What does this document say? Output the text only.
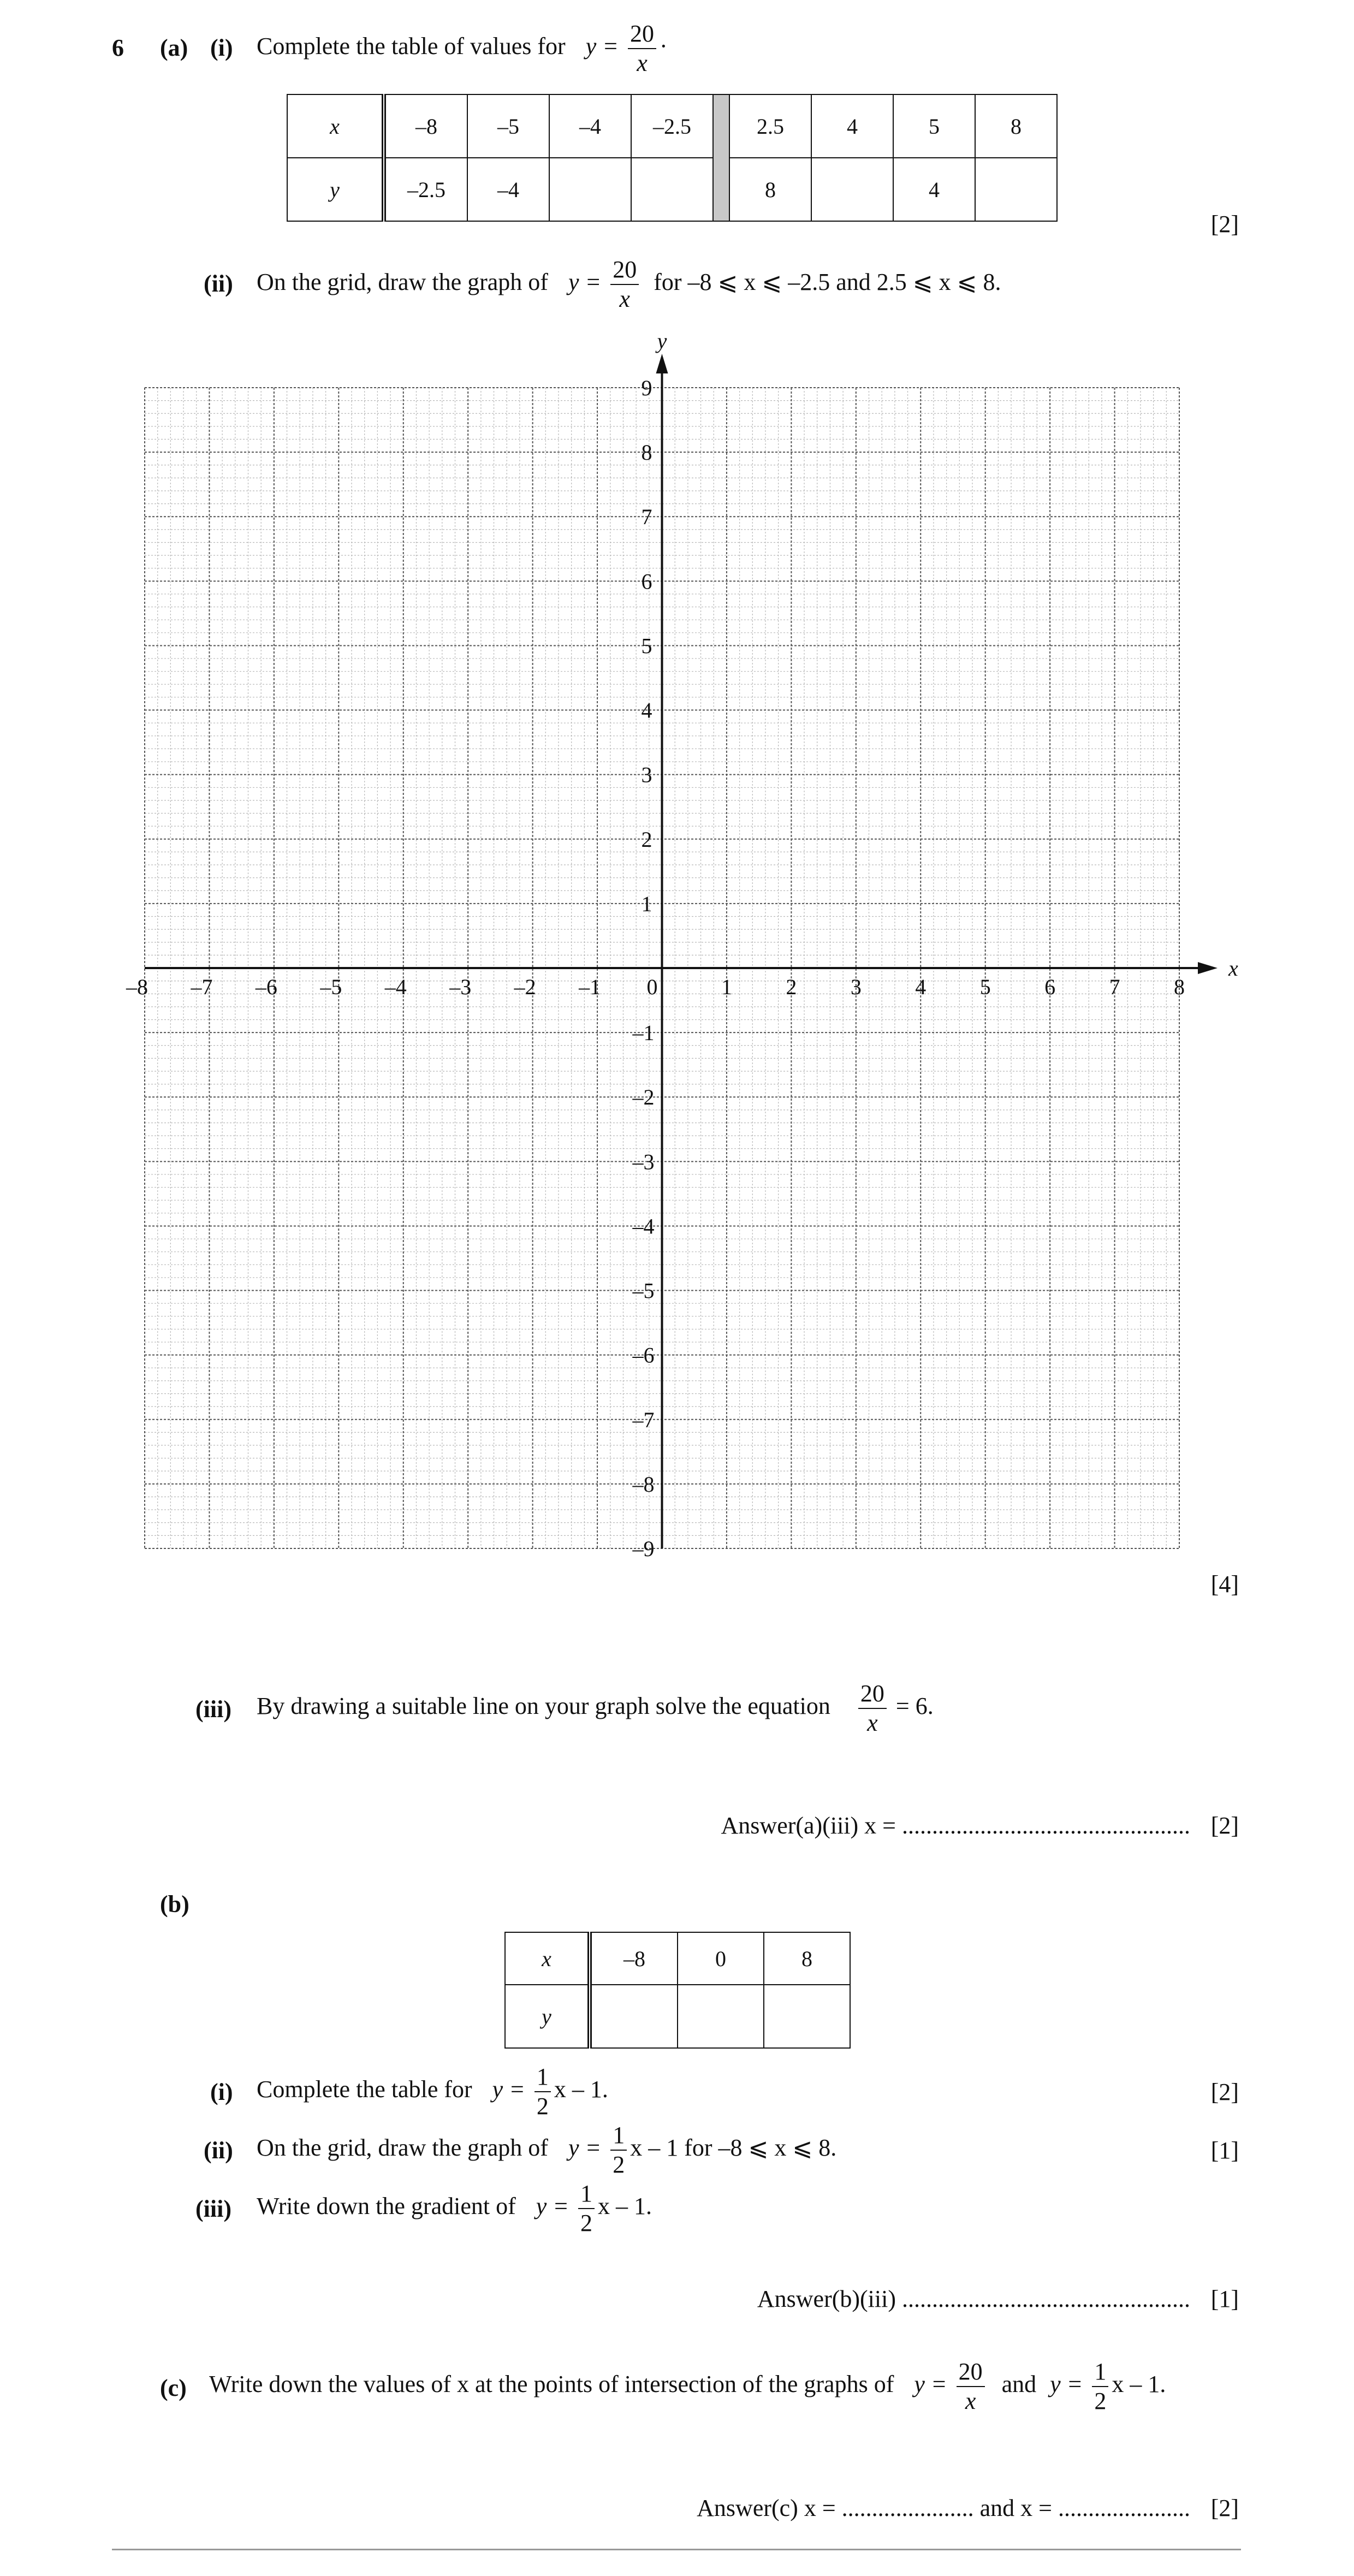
6 (a) (i) Complete the table of values for $y = \frac{20}{x}$ ·
x	–8	–5	–4	–2.5		2.5	4	5	8
y	–2.5	–4				8		4	
[2]
(ii) On the grid, draw the graph of $y = \frac{20}{x}$ for –8 ⩽ x ⩽ –2.5 and 2.5 ⩽ x ⩽ 8.
x
y
0
–8 –7 –6 –5 –4 –3 –2 –1	1 2 3 4 5 6 7 8
1
2
3
4
5
6
7
8
9
–1
–2
–3
–4
–5
–6
–7
–8
–9
[4]
(iii) By drawing a suitable line on your graph solve the equation $\frac{20}{x} = 6$.
Answer(a)(iii) x = ................................................ [2]
(b)
x	–8	0	8
y			
(i) Complete the table for $y = \frac{1}{2}$ x – 1.	[2]
(ii) On the grid, draw the graph of $y = \frac{1}{2}$ x – 1 for –8 ⩽ x ⩽ 8.	[1]
(iii) Write down the gradient of $y = \frac{1}{2}$ x – 1.
Answer(b)(iii) ................................................ [1]
(c) Write down the values of x at the points of intersection of the graphs of $y = \frac{20}{x}$ and $y = \frac{1}{2}$ x – 1.
Answer(c) x = ...................... and x = ...................... [2]
